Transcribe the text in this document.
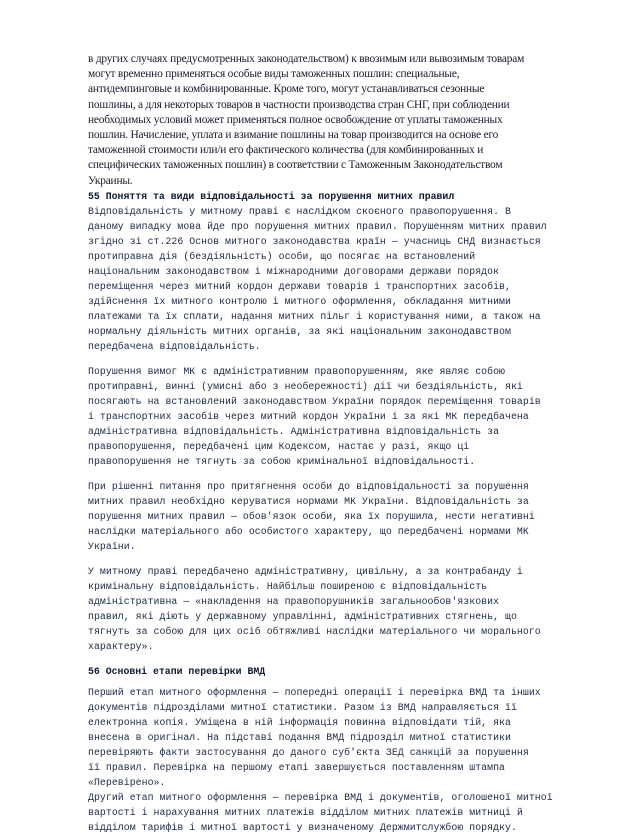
в других случаях предусмотренных законодательством) к ввозимым или вывозимым товарам
могут временно применяться особые виды таможенных пошлин: специальные,
антидемпинговые и комбинированные. Кроме того, могут устанавливаться сезонные
пошлины, а для некоторых товаров в частности производства стран СНГ, при соблюдении
необходимых условий может применяться полное освобождение от уплаты таможенных
пошлин. Начисление, уплата и взимание пошлины на товар производится на основе его
таможенной стоимости или/и его фактического количества (для комбинированных и
специфических таможенных пошлин) в соответствии с Таможенным Законодательством
Украины.

55 Поняття та види відповідальності за порушення митних правил

Відповідальність у митному праві є наслідком скоєного правопорушення. В
даному випадку мова йде про порушення митних правил. Порушенням митних правил
згідно зі ст.226 Основ митного законодавства країн — учасниць СНД визнається
протиправна дія (бездіяльність) особи, що посягає на встановлений
національним законодавством і міжнародними договорами держави порядок
переміщення через митний кордон держави товарів і транспортних засобів,
здійснення їх митного контролю і митного оформлення, обкладання митними
платежами та їх сплати, надання митних пільг і користування ними, а також на
нормальну діяльність митних органів, за які національним законодавством
передбачена відповідальність.

Порушення вимог МК є адміністративним правопорушенням, яке являє собою
протиправні, винні (умисні або з необережності) дії чи бездіяльність, які
посягають на встановлений законодавством України порядок переміщення товарів
і транспортних засобів через митний кордон України і за які МК передбачена
адміністративна відповідальність. Адміністративна відповідальність за
правопорушення, передбачені цим Кодексом, настає у разі, якщо ці
правопорушення не тягнуть за собою кримінальної відповідальності.

При рішенні питання про притягнення особи до відповідальності за порушення
митних правил необхідно керуватися нормами МК України. Відповідальність за
порушення митних правил — обов'язок особи, яка їх порушила, нести негативні
наслідки матеріального або особистого характеру, що передбачені нормами МК
України.

У митному праві передбачено адміністративну, цивільну, а за контрабанду і
кримінальну відповідальність. Найбільш поширеною є відповідальність
адміністративна — «накладення на правопорушників загальнообов'язкових
правил, які діють у державному управлінні, адміністративних стягнень, що
тягнуть за собою для цих осіб обтяжливі наслідки матеріального чи морального
характеру».

56 Основні етапи перевірки ВМД

Перший етап митного оформлення — попередні операції і перевірка ВМД та інших
документів підрозділами митної статистики. Разом із ВМД направляється її
електронна копія. Уміщена в ній інформація повинна відповідати тій, яка
внесена в оригінал. На підставі подання ВМД підрозділ митної статистики
перевіряють факти застосування до даного суб'єкта ЗЕД санкцій за порушення
її правил. Перевірка на першому етапі завершується поставленням штампа
«Перевірено».
Другий етап митного оформлення — перевірка ВМД і документів, оголошеної митної
вартості і нарахування митних платежів відділом митних платежів митниці й
відділом тарифів і митної вартості у визначеному Держмитслужбою порядку.
